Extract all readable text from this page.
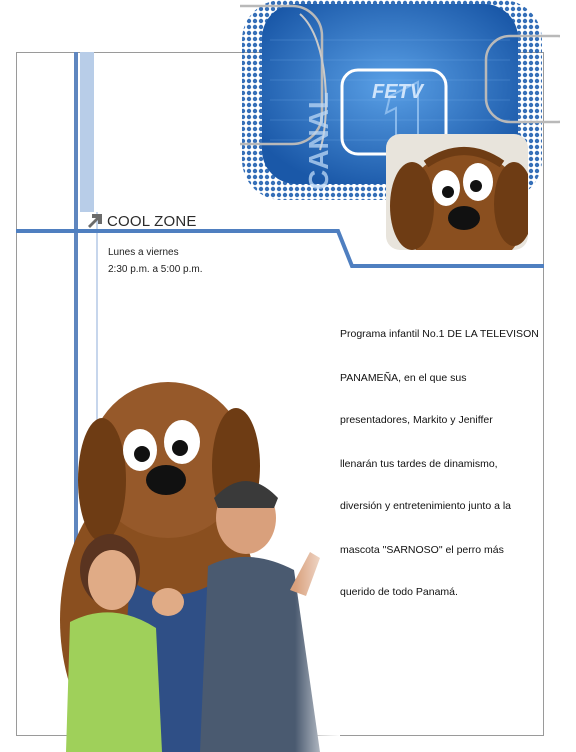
FETV
CANAL
COOL ZONE
Lunes a viernes
2:30 p.m. a 5:00 p.m.
Programa infantil No.1 DE LA TELEVISON
PANAMEÑA, en el que sus
presentadores, Markito y Jeniffer
llenarán tus tardes de dinamismo,
diversión y entretenimiento junto a la
mascota "SARNOSO" el perro más
querido de todo Panamá.
